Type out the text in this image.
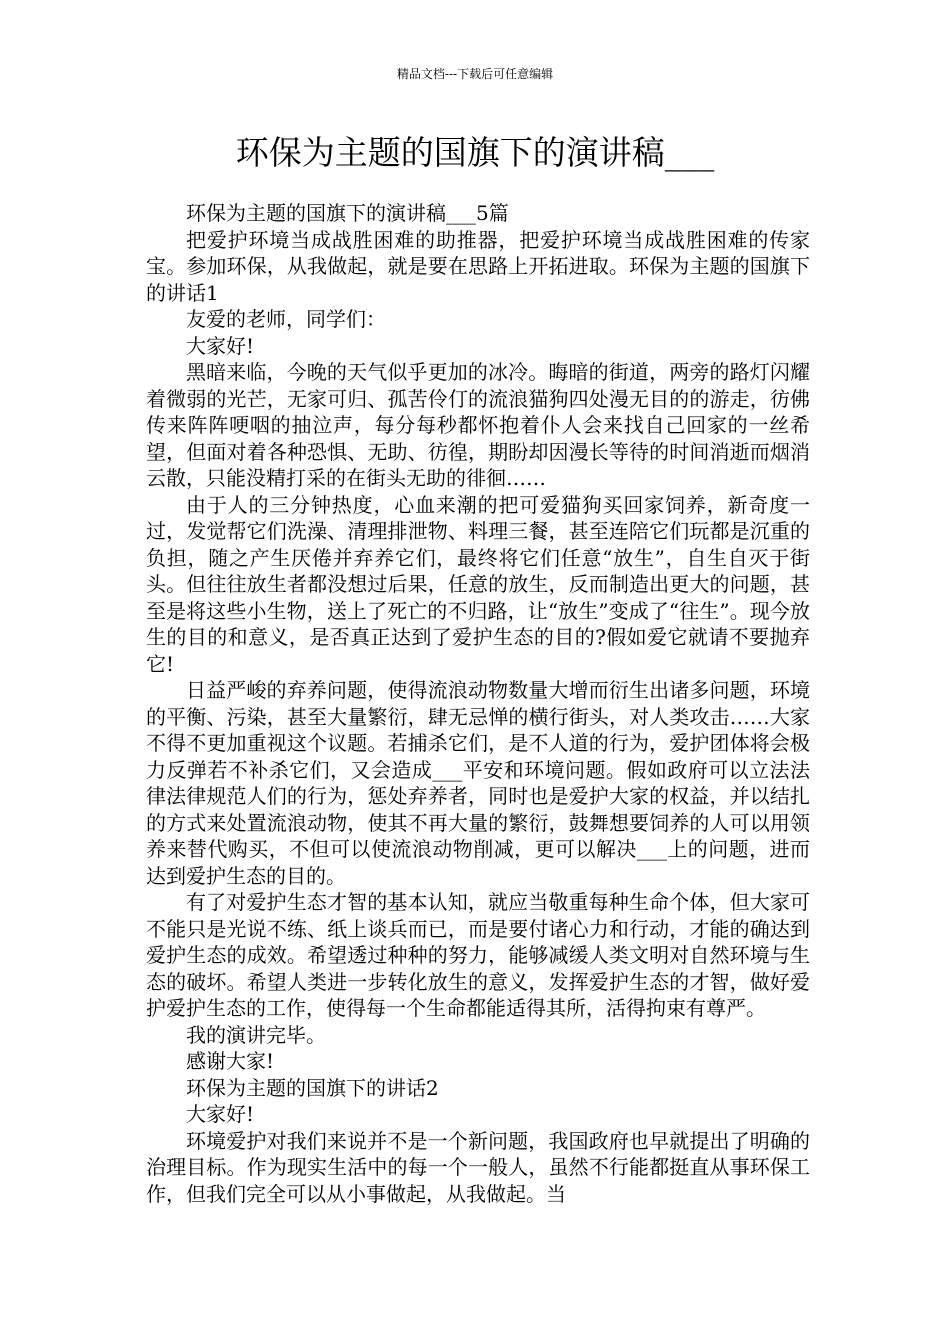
精品文档---下载后可任意编辑
环保为主题的国旗下的演讲稿___

环保为主题的国旗下的演讲稿___5篇

把爱护环境当成战胜困难的助推器，把爱护环境当成战胜困难的传家宝。参加环保，从我做起，就是要在思路上开拓进取。环保为主题的国旗下的讲话1

友爱的老师，同学们：

大家好!

黑暗来临，今晚的天气似乎更加的冰冷。晦暗的街道，两旁的路灯闪耀着微弱的光芒，无家可归、孤苦伶仃的流浪猫狗四处漫无目的的游走，彷佛传来阵阵哽咽的抽泣声，每分每秒都怀抱着仆人会来找自己回家的一丝希望，但面对着各种恐惧、无助、彷徨，期盼却因漫长等待的时间消逝而烟消云散，只能没精打采的在街头无助的徘徊……

由于人的三分钟热度，心血来潮的把可爱猫狗买回家饲养，新奇度一过，发觉帮它们洗澡、清理排泄物、料理三餐，甚至连陪它们玩都是沉重的负担，随之产生厌倦并弃养它们，最终将它们任意“放生”，自生自灭于街头。但往往放生者都没想过后果，任意的放生，反而制造出更大的问题，甚至是将这些小生物，送上了死亡的不归路，让“放生”变成了“往生”。现今放生的目的和意义，是否真正达到了爱护生态的目的?假如爱它就请不要抛弃它!

日益严峻的弃养问题，使得流浪动物数量大增而衍生出诸多问题，环境的平衡、污染，甚至大量繁衍，肆无忌惮的横行街头，对人类攻击……大家不得不更加重视这个议题。若捕杀它们，是不人道的行为，爱护团体将会极力反弹若不补杀它们，又会造成___平安和环境问题。假如政府可以立法法律法律规范人们的行为，惩处弃养者，同时也是爱护大家的权益，并以结扎的方式来处置流浪动物，使其不再大量的繁衍，鼓舞想要饲养的人可以用领养来替代购买，不但可以使流浪动物削减，更可以解决___上的问题，进而达到爱护生态的目的。

有了对爱护生态才智的基本认知，就应当敬重每种生命个体，但大家可不能只是光说不练、纸上谈兵而已，而是要付诸心力和行动，才能的确达到爱护生态的成效。希望透过种种的努力，能够减缓人类文明对自然环境与生态的破坏。希望人类进一步转化放生的意义，发挥爱护生态的才智，做好爱护爱护生态的工作，使得每一个生命都能适得其所，活得拘束有尊严。

我的演讲完毕。

感谢大家!

环保为主题的国旗下的讲话2

大家好!

环境爱护对我们来说并不是一个新问题，我国政府也早就提出了明确的治理目标。作为现实生活中的每一个一般人，虽然不行能都挺直从事环保工作，但我们完全可以从小事做起，从我做起。当
